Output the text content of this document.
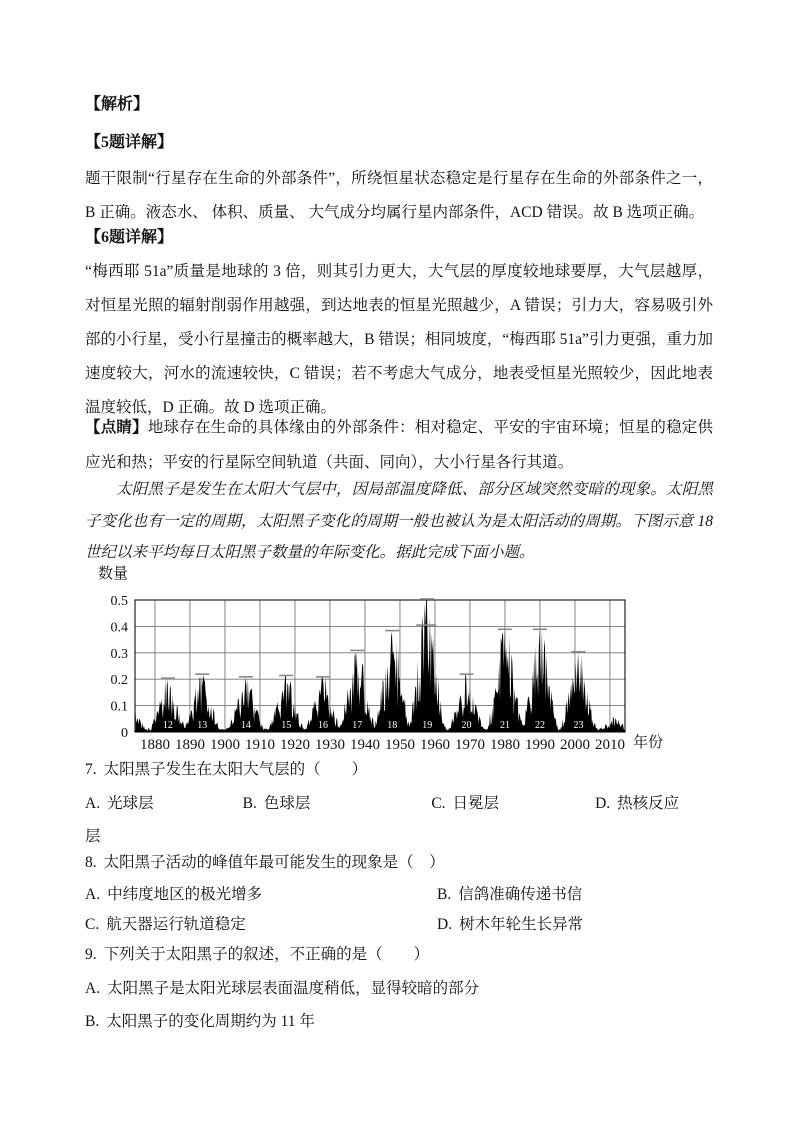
【解析】
【5题详解】
题干限制“行星存在生命的外部条件”，所绕恒星状态稳定是行星存在生命的外部条件之一，B 正确。液态水、 体积、质量、 大气成分均属行星内部条件，ACD 错误。故 B 选项正确。
【6题详解】
“梅西耶 51a”质量是地球的 3 倍，则其引力更大，大气层的厚度较地球要厚，大气层越厚，对恒星光照的辐射削弱作用越强，到达地表的恒星光照越少，A 错误；引力大，容易吸引外部的小行星，受小行星撞击的概率越大，B 错误；相同坡度，“梅西耶 51a”引力更强，重力加速度较大，河水的流速较快，C 错误；若不考虑大气成分，地表受恒星光照较少，因此地表温度较低，D 正确。故 D 选项正确。
【点睛】地球存在生命的具体缘由的外部条件：相对稳定、平安的宇宙环境；恒星的稳定供应光和热；平安的行星际空间轨道（共面、同向），大小行星各行其道。
太阳黑子是发生在太阳大气层中，因局部温度降低、部分区域突然变暗的现象。太阳黑子变化也有一定的周期，太阳黑子变化的周期一般也被认为是太阳活动的周期。下图示意 18 世纪以来平均每日太阳黑子数量的年际变化。据此完成下面小题。
12 13	14	15	16 17	18	19	20	21	22	23
0.5
0.4
0.3
0.2
0.1
0
1880 1890 1900 1910 1920 1930 1940 1950 1960 1970 1980 1990 2000 2010
数量
年份
7. 太阳黑子发生在太阳大气层的（　　）
A. 光球层	B. 色球层	C. 日冕层	D. 热核反应层
8. 太阳黑子活动的峰值年最可能发生的现象是（　）
A. 中纬度地区的极光增多	B. 信鸽准确传递书信
C. 航天器运行轨道稳定	D. 树木年轮生长异常
9. 下列关于太阳黑子的叙述，不正确的是（　　）
A. 太阳黑子是太阳光球层表面温度稍低，显得较暗的部分
B. 太阳黑子的变化周期约为 11 年
